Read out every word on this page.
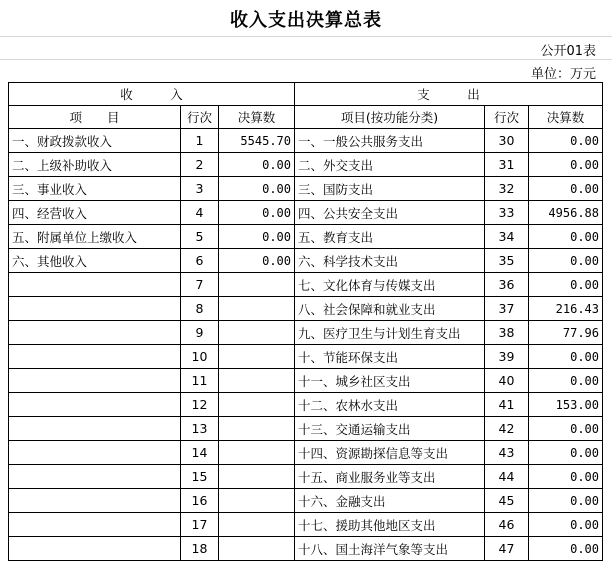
收入支出决算总表
公开01表
单位：万元
收　　　入			支　　　出		
项　　目	行次	决算数	项目(按功能分类)	行次	决算数
一、财政拨款收入	1	5545.70	一、一般公共服务支出	30	0.00
二、上级补助收入	2	0.00	二、外交支出	31	0.00
三、事业收入	3	0.00	三、国防支出	32	0.00
四、经营收入	4	0.00	四、公共安全支出	33	4956.88
五、附属单位上缴收入	5	0.00	五、教育支出	34	0.00
六、其他收入	6	0.00	六、科学技术支出	35	0.00
	7		七、文化体育与传媒支出	36	0.00
	8		八、社会保障和就业支出	37	216.43
	9		九、医疗卫生与计划生育支出	38	77.96
	10		十、节能环保支出	39	0.00
	11		十一、城乡社区支出	40	0.00
	12		十二、农林水支出	41	153.00
	13		十三、交通运输支出	42	0.00
	14		十四、资源勘探信息等支出	43	0.00
	15		十五、商业服务业等支出	44	0.00
	16		十六、金融支出	45	0.00
	17		十七、援助其他地区支出	46	0.00
	18		十八、国土海洋气象等支出	47	0.00
